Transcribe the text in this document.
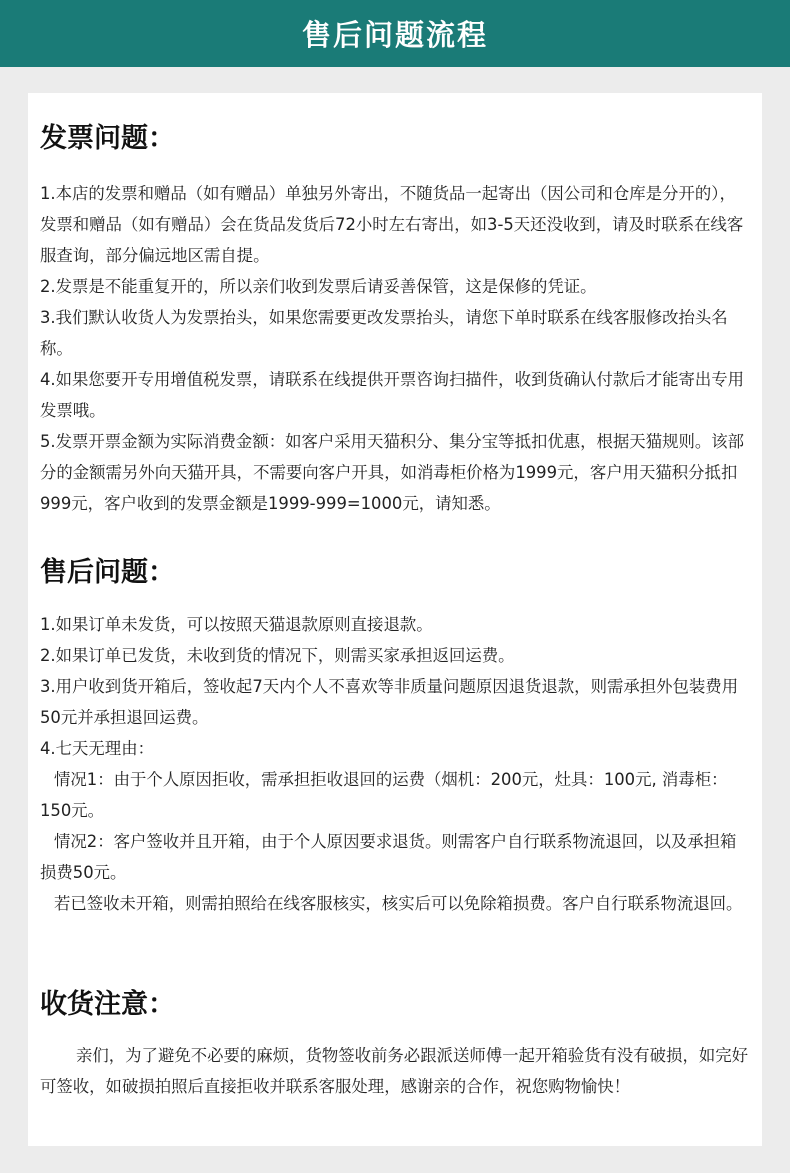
售后问题流程
发票问题：

1.本店的发票和赠品（如有赠品）单独另外寄出，不随货品一起寄出（因公司和仓库是分开的），发票和赠品（如有赠品）会在货品发货后72小时左右寄出，如3-5天还没收到，请及时联系在线客服查询，部分偏远地区需自提。

2.发票是不能重复开的，所以亲们收到发票后请妥善保管，这是保修的凭证。

3.我们默认收货人为发票抬头，如果您需要更改发票抬头，请您下单时联系在线客服修改抬头名称。

4.如果您要开专用增值税发票，请联系在线提供开票咨询扫描件，收到货确认付款后才能寄出专用发票哦。

5.发票开票金额为实际消费金额：如客户采用天猫积分、集分宝等抵扣优惠，根据天猫规则。该部分的金额需另外向天猫开具，不需要向客户开具，如消毒柜价格为1999元，客户用天猫积分抵扣999元，客户收到的发票金额是1999-999=1000元，请知悉。

售后问题：

1.如果订单未发货，可以按照天猫退款原则直接退款。

2.如果订单已发货，未收到货的情况下，则需买家承担返回运费。

3.用户收到货开箱后，签收起7天内个人不喜欢等非质量问题原因退货退款，则需承担外包装费用50元并承担退回运费。

4.七天无理由：

情况1：由于个人原因拒收，需承担拒收退回的运费（烟机：200元，灶具：100元, 消毒柜：150元。

情况2：客户签收并且开箱，由于个人原因要求退货。则需客户自行联系物流退回，以及承担箱损费50元。

若已签收未开箱，则需拍照给在线客服核实，核实后可以免除箱损费。客户自行联系物流退回。

收货注意：

亲们，为了避免不必要的麻烦，货物签收前务必跟派送师傅一起开箱验货有没有破损，如完好可签收，如破损拍照后直接拒收并联系客服处理，感谢亲的合作，祝您购物愉快！
